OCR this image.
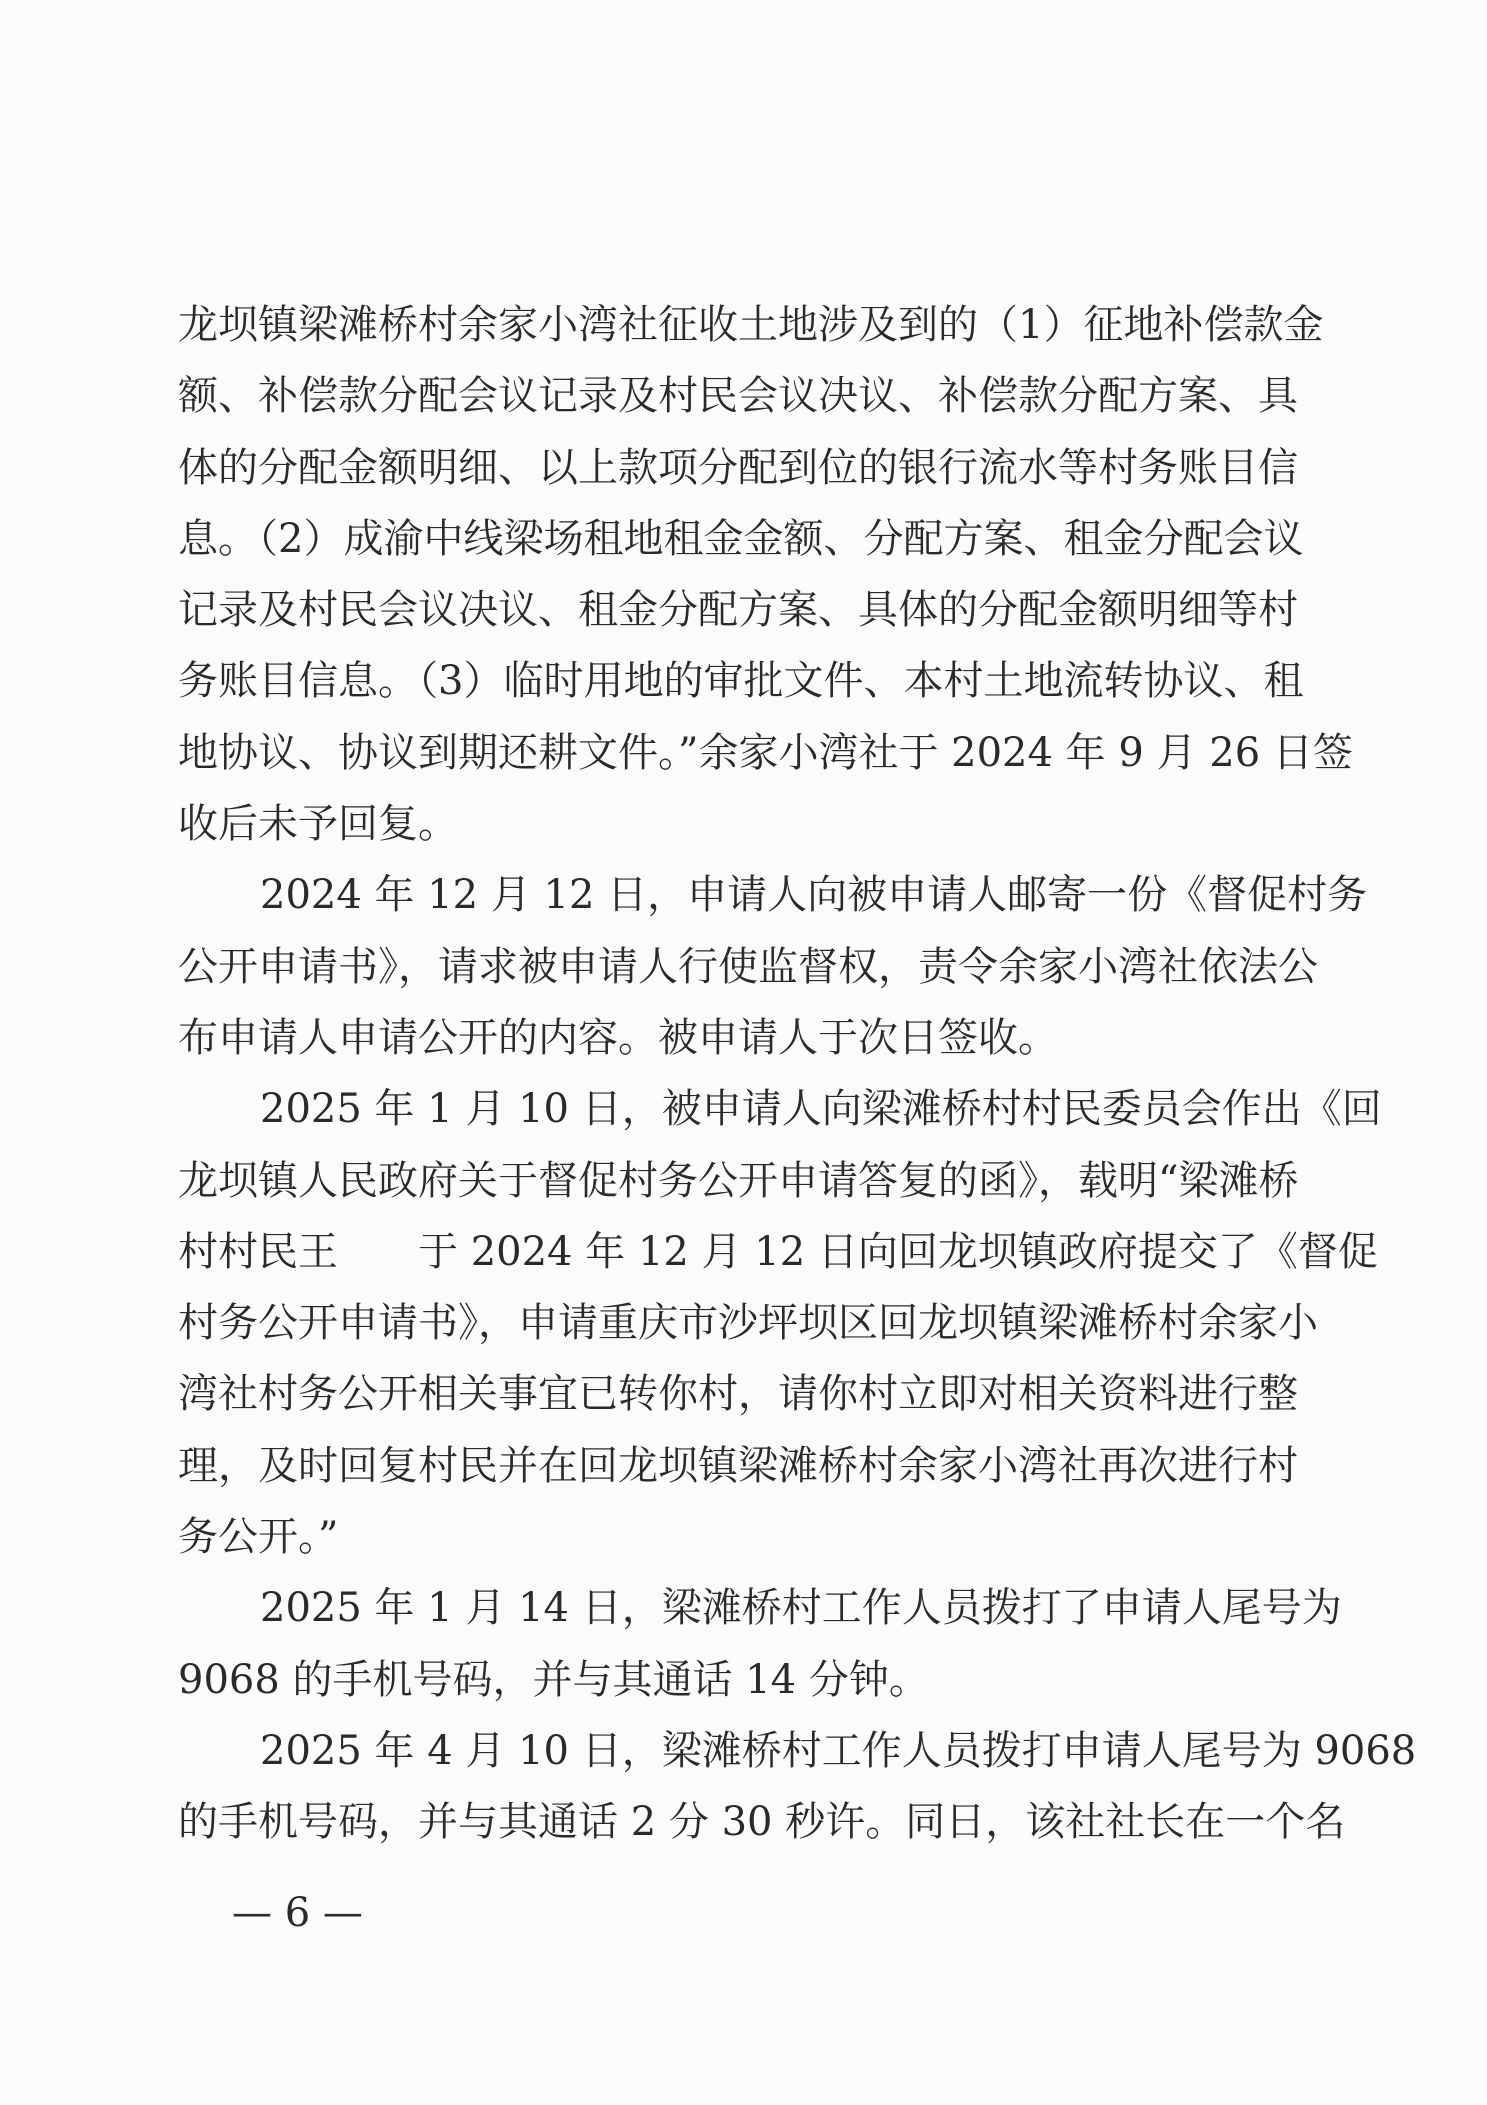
龙坝镇梁滩桥村余家小湾社征收土地涉及到的（1）征地补偿款金
额、补偿款分配会议记录及村民会议决议、补偿款分配方案、具
体的分配金额明细、以上款项分配到位的银行流水等村务账目信
息。（2）成渝中线梁场租地租金金额、分配方案、租金分配会议
记录及村民会议决议、租金分配方案、具体的分配金额明细等村
务账目信息。（3）临时用地的审批文件、本村土地流转协议、租
地协议、协议到期还耕文件。”余家小湾社于 2024 年 9 月 26 日签
收后未予回复。
2024 年 12 月 12 日，申请人向被申请人邮寄一份《督促村务
公开申请书》，请求被申请人行使监督权，责令余家小湾社依法公
布申请人申请公开的内容。被申请人于次日签收。
2025 年 1 月 10 日，被申请人向梁滩桥村村民委员会作出《回
龙坝镇人民政府关于督促村务公开申请答复的函》，载明“梁滩桥
村村民王　　于 2024 年 12 月 12 日向回龙坝镇政府提交了《督促
村务公开申请书》，申请重庆市沙坪坝区回龙坝镇梁滩桥村余家小
湾社村务公开相关事宜已转你村，请你村立即对相关资料进行整
理，及时回复村民并在回龙坝镇梁滩桥村余家小湾社再次进行村
务公开。”
2025 年 1 月 14 日，梁滩桥村工作人员拨打了申请人尾号为
9068 的手机号码，并与其通话 14 分钟。
2025 年 4 月 10 日，梁滩桥村工作人员拨打申请人尾号为 9068
的手机号码，并与其通话 2 分 30 秒许。同日，该社社长在一个名
— 6 —
